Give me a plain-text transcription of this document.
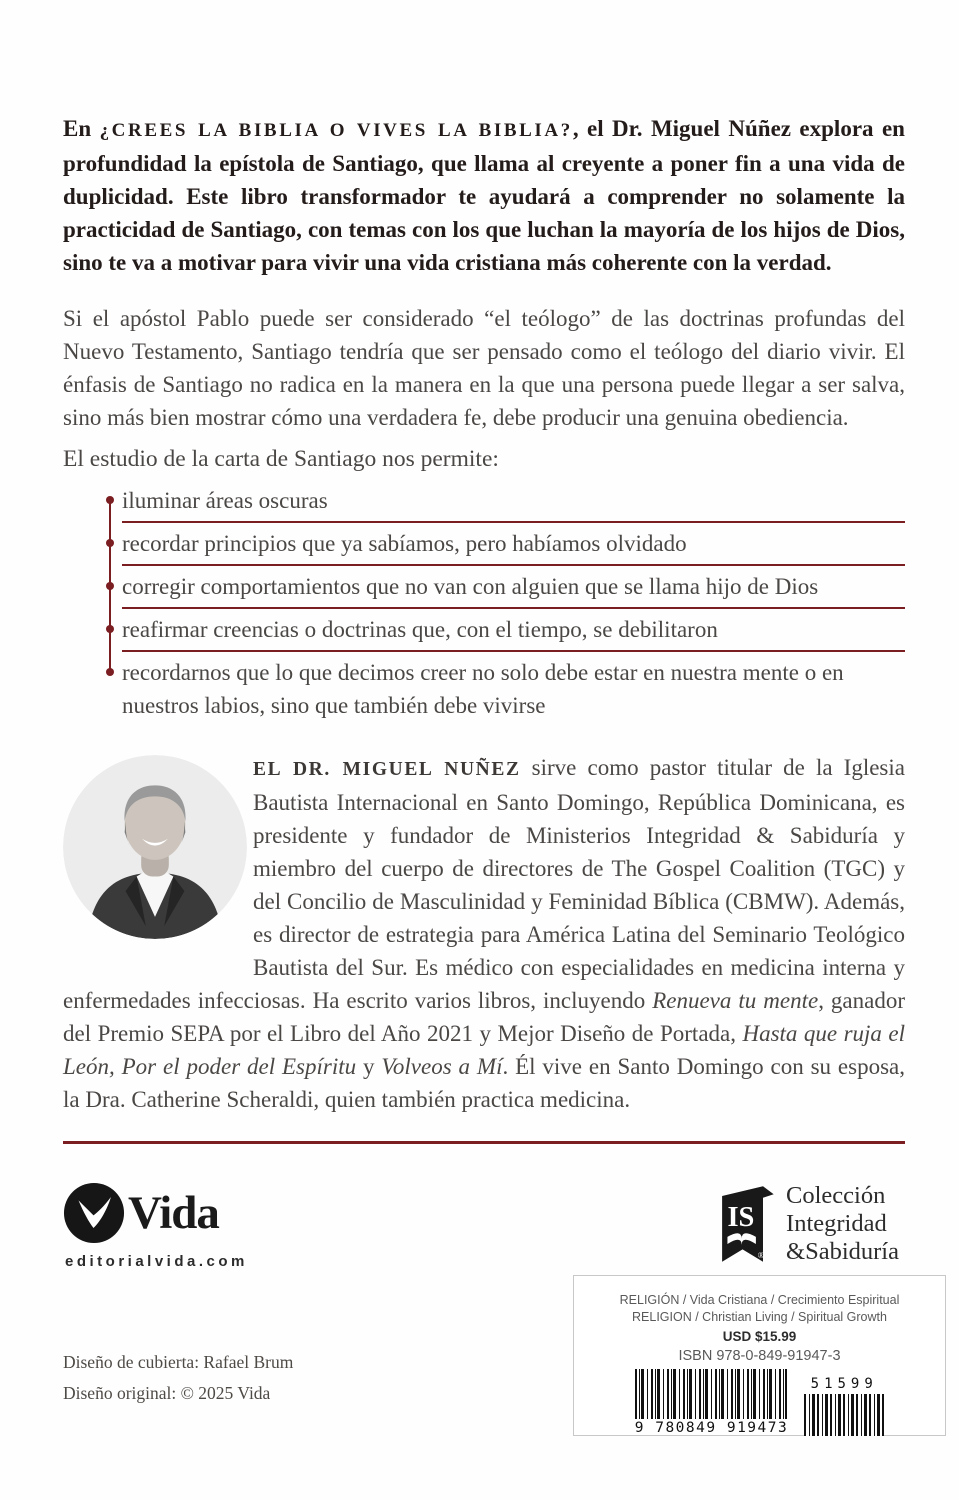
En ¿CREES LA BIBLIA O VIVES LA BIBLIA?, el Dr. Miguel Núñez explora en profundidad la epístola de Santiago, que llama al creyente a poner fin a una vida de duplicidad. Este libro transformador te ayudará a comprender no solamente la practicidad de Santiago, con temas con los que luchan la mayoría de los hijos de Dios, sino te va a motivar para vivir una vida cristiana más coherente con la verdad.

Si el apóstol Pablo puede ser considerado “el teólogo” de las doctrinas profundas del Nuevo Testamento, Santiago tendría que ser pensado como el teólogo del diario vivir. El énfasis de Santiago no radica en la manera en la que una persona puede llegar a ser salva, sino más bien mostrar cómo una verdadera fe, debe producir una genuina obediencia.

El estudio de la carta de Santiago nos permite:

iluminar áreas oscuras
recordar principios que ya sabíamos, pero habíamos olvidado
corregir comportamientos que no van con alguien que se llama hijo de Dios
reafirmar creencias o doctrinas que, con el tiempo, se debilitaron
recordarnos que lo que decimos creer no solo debe estar en nuestra mente o en nuestros labios, sino que también debe vivirse

EL DR. MIGUEL NUÑEZ sirve como pastor titular de la Iglesia Bautista Internacional en Santo Domingo, República Dominicana, es presidente y fundador de Ministerios Integridad & Sabiduría y miembro del cuerpo de directores de The Gospel Coalition (TGC) y del Concilio de Masculinidad y Feminidad Bíblica (CBMW). Además, es director de estrategia para América Latina del Seminario Teológico Bautista del Sur. Es médico con especialidades en medicina interna y enfermedades infecciosas. Ha escrito varios libros, incluyendo Renueva tu mente, ganador del Premio SEPA por el Libro del Año 2021 y Mejor Diseño de Portada, Hasta que ruja el León, Por el poder del Espíritu y Volveos a Mí. Él vive en Santo Domingo con su esposa, la Dra. Catherine Scheraldi, quien también practica medicina.

Vida
editorialvida.com
IS
®
Colección
Integridad
&Sabiduría
RELIGIÓN / Vida Cristiana / Crecimiento Espiritual
RELIGION / Christian Living / Spiritual Growth
USD $15.99
ISBN 978-0-849-91947-3
9 780849 919473
51599
Diseño de cubierta: Rafael Brum
Diseño original: © 2025 Vida
